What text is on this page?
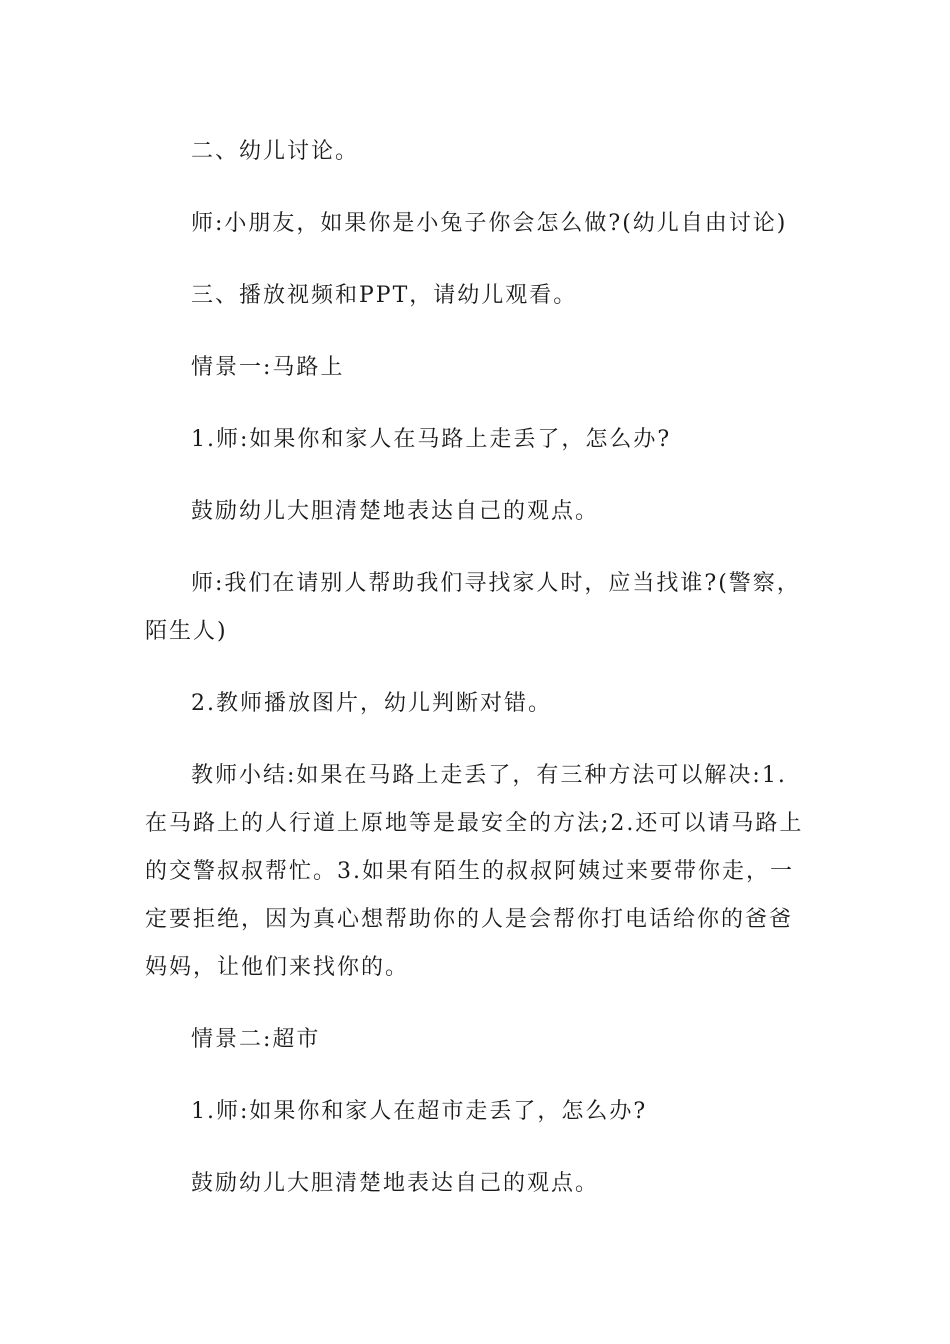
二、幼儿讨论。

师:小朋友，如果你是小兔子你会怎么做?(幼儿自由讨论)

三、播放视频和PPT，请幼儿观看。

情景一:马路上

1.师:如果你和家人在马路上走丢了，怎么办?

鼓励幼儿大胆清楚地表达自己的观点。

师:我们在请别人帮助我们寻找家人时，应当找谁?(警察，陌生人)

2.教师播放图片，幼儿判断对错。

教师小结:如果在马路上走丢了，有三种方法可以解决:1.在马路上的人行道上原地等是最安全的方法;2.还可以请马路上的交警叔叔帮忙。3.如果有陌生的叔叔阿姨过来要带你走，一定要拒绝，因为真心想帮助你的人是会帮你打电话给你的爸爸妈妈，让他们来找你的。

情景二:超市

1.师:如果你和家人在超市走丢了，怎么办?

鼓励幼儿大胆清楚地表达自己的观点。
